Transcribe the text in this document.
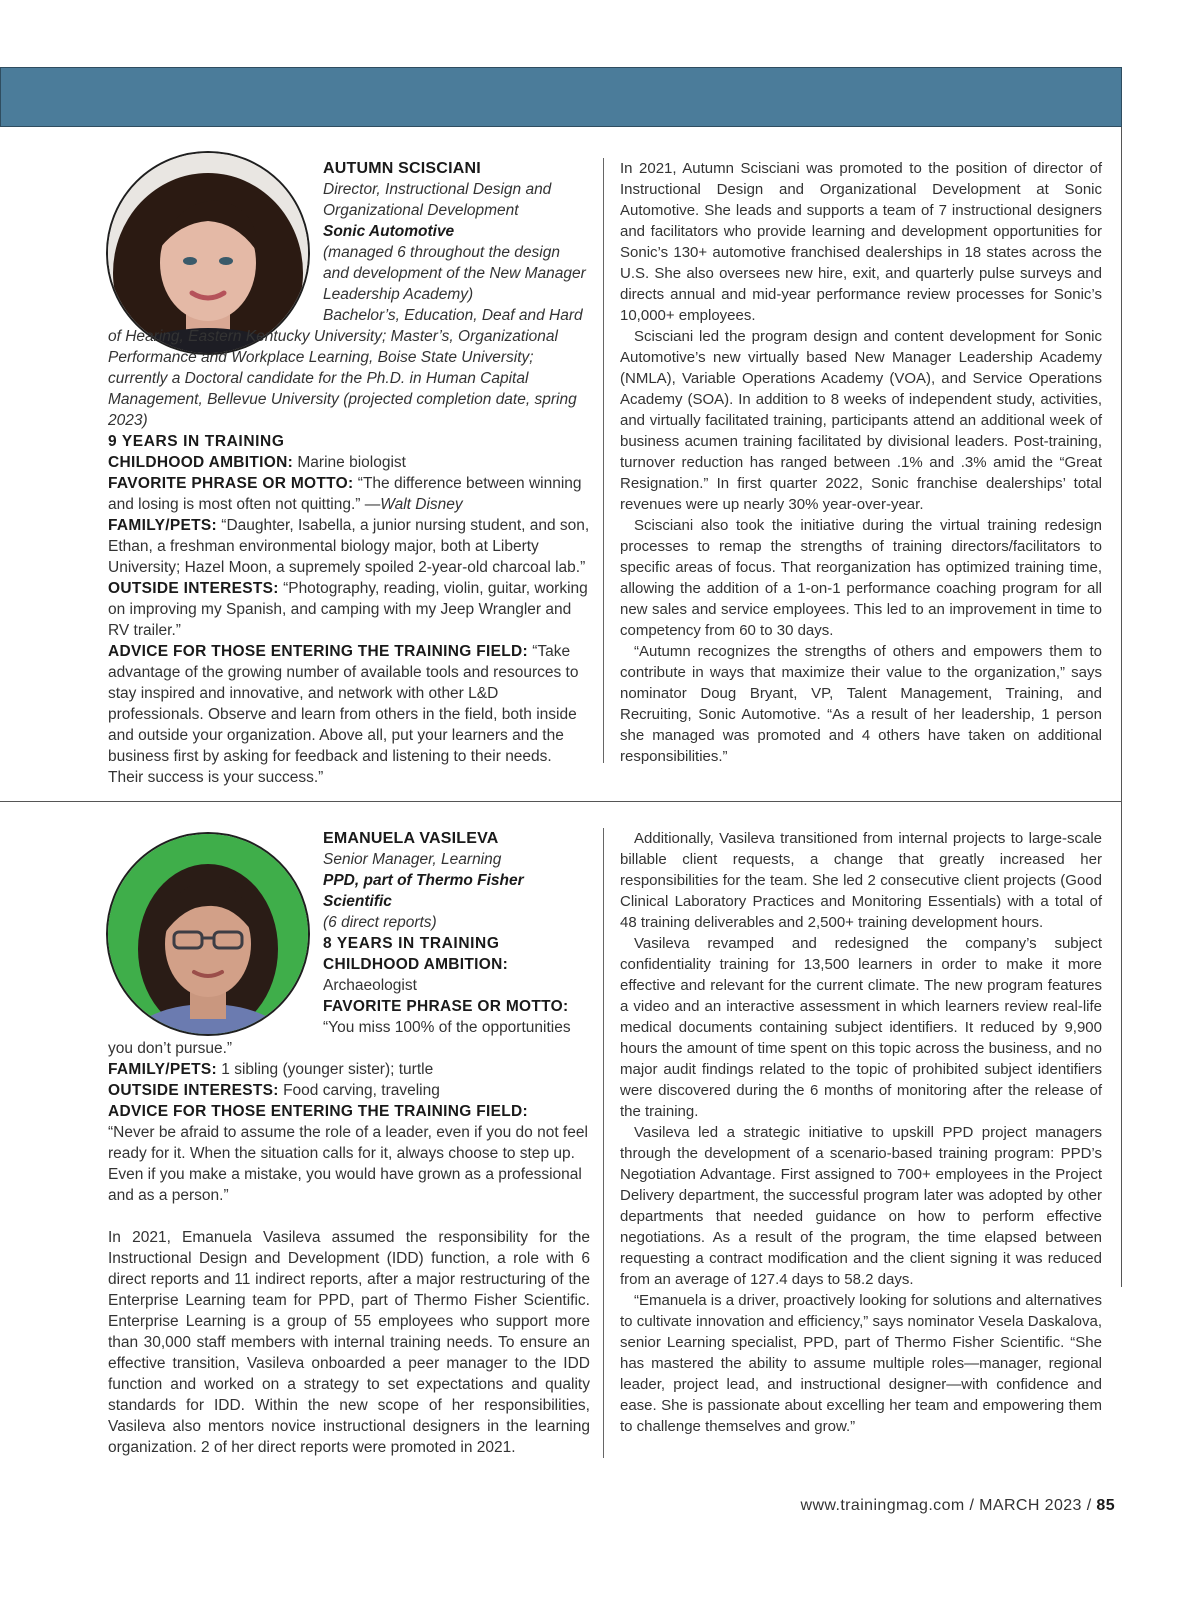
AUTUMN SCISCIANI
Director, Instructional Design and Organizational Development
Sonic Automotive
(managed 6 throughout the design and development of the New Manager Leadership Academy)
Bachelor’s, Education, Deaf and Hard of Hearing, Eastern Kentucky University; Master’s, Organizational Performance and Workplace Learning, Boise State University; currently a Doctoral candidate for the Ph.D. in Human Capital Management, Bellevue University (projected completion date, spring 2023)
9 YEARS IN TRAINING

CHILDHOOD AMBITION: Marine biologist

FAVORITE PHRASE OR MOTTO: “The difference between winning and losing is most often not quitting.” —Walt Disney

FAMILY/PETS: “Daughter, Isabella, a junior nursing student, and son, Ethan, a freshman environmental biology major, both at Liberty University; Hazel Moon, a supremely spoiled 2-year-old charcoal lab.”

OUTSIDE INTERESTS: “Photography, reading, violin, guitar, working on improving my Spanish, and camping with my Jeep Wrangler and RV trailer.”

ADVICE FOR THOSE ENTERING THE TRAINING FIELD: “Take advantage of the growing number of available tools and resources to stay inspired and innovative, and network with other L&D professionals. Observe and learn from others in the field, both inside and outside your organization. Above all, put your learners and the business first by asking for feedback and listening to their needs. Their success is your success.”

In 2021, Autumn Scisciani was promoted to the position of director of Instructional Design and Organizational Development at Sonic Automotive. She leads and supports a team of 7 instructional designers and facilitators who provide learning and development opportunities for Sonic’s 130+ automotive franchised dealerships in 18 states across the U.S. She also oversees new hire, exit, and quarterly pulse surveys and directs annual and mid-year performance review processes for Sonic’s 10,000+ employees.

Scisciani led the program design and content development for Sonic Automotive’s new virtually based New Manager Leadership Academy (NMLA), Variable Operations Academy (VOA), and Service Operations Academy (SOA). In addition to 8 weeks of independent study, activities, and virtually facilitated training, participants attend an additional week of business acumen training facilitated by divisional leaders. Post-training, turnover reduction has ranged between .1% and .3% amid the “Great Resignation.” In first quarter 2022, Sonic franchise dealerships’ total revenues were up nearly 30% year-over-year.

Scisciani also took the initiative during the virtual training redesign processes to remap the strengths of training directors/facilitators to specific areas of focus. That reorganization has optimized training time, allowing the addition of a 1-on-1 performance coaching program for all new sales and service employees. This led to an improvement in time to competency from 60 to 30 days.

“Autumn recognizes the strengths of others and empowers them to contribute in ways that maximize their value to the organization,” says nominator Doug Bryant, VP, Talent Management, Training, and Recruiting, Sonic Automotive. “As a result of her leadership, 1 person she managed was promoted and 4 others have taken on additional responsibilities.”

EMANUELA VASILEVA
Senior Manager, Learning
PPD, part of Thermo Fisher Scientific
(6 direct reports)
8 YEARS IN TRAINING
CHILDHOOD AMBITION:
Archaeologist
FAVORITE PHRASE OR MOTTO:
“You miss 100% of the opportunities you don’t pursue.”

FAMILY/PETS: 1 sibling (younger sister); turtle

OUTSIDE INTERESTS: Food carving, traveling

ADVICE FOR THOSE ENTERING THE TRAINING FIELD:
“Never be afraid to assume the role of a leader, even if you do not feel ready for it. When the situation calls for it, always choose to step up. Even if you make a mistake, you would have grown as a professional and as a person.”

In 2021, Emanuela Vasileva assumed the responsibility for the Instructional Design and Development (IDD) function, a role with 6 direct reports and 11 indirect reports, after a major restructuring of the Enterprise Learning team for PPD, part of Thermo Fisher Scientific. Enterprise Learning is a group of 55 employees who support more than 30,000 staff members with internal training needs. To ensure an effective transition, Vasileva onboarded a peer manager to the IDD function and worked on a strategy to set expectations and quality standards for IDD. Within the new scope of her responsibilities, Vasileva also mentors novice instructional designers in the learning organization. 2 of her direct reports were promoted in 2021.

Additionally, Vasileva transitioned from internal projects to large-scale billable client requests, a change that greatly increased her responsibilities for the team. She led 2 consecutive client projects (Good Clinical Laboratory Practices and Monitoring Essentials) with a total of 48 training deliverables and 2,500+ training development hours.

Vasileva revamped and redesigned the company’s subject confidentiality training for 13,500 learners in order to make it more effective and relevant for the current climate. The new program features a video and an interactive assessment in which learners review real-life medical documents containing subject identifiers. It reduced by 9,900 hours the amount of time spent on this topic across the business, and no major audit findings related to the topic of prohibited subject identifiers were discovered during the 6 months of monitoring after the release of the training.

Vasileva led a strategic initiative to upskill PPD project managers through the development of a scenario-based training program: PPD’s Negotiation Advantage. First assigned to 700+ employees in the Project Delivery department, the successful program later was adopted by other departments that needed guidance on how to perform effective negotiations. As a result of the program, the time elapsed between requesting a contract modification and the client signing it was reduced from an average of 127.4 days to 58.2 days.

“Emanuela is a driver, proactively looking for solutions and alternatives to cultivate innovation and efficiency,” says nominator Vesela Daskalova, senior Learning specialist, PPD, part of Thermo Fisher Scientific. “She has mastered the ability to assume multiple roles—manager, regional leader, project lead, and instructional designer—with confidence and ease. She is passionate about excelling her team and empowering them to challenge themselves and grow.”

www.trainingmag.com / MARCH 2023 / 85
